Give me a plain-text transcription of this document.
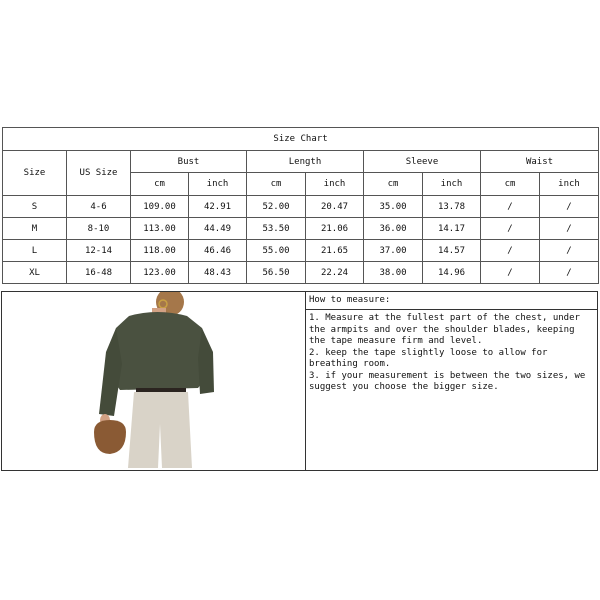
Size Chart									
Size	US Size	Bust		Length		Sleeve		Waist	
		cm	inch	cm	inch	cm	inch	cm	inch
S	4-6	109.00	42.91	52.00	20.47	35.00	13.78	/	/
M	8-10	113.00	44.49	53.50	21.06	36.00	14.17	/	/
L	12-14	118.00	46.46	55.00	21.65	37.00	14.57	/	/
XL	16-48	123.00	48.43	56.50	22.24	38.00	14.96	/	/
How to measure:

1. Measure at the fullest part of the chest, under the armpits and over the shoulder blades, keeping the tape measure firm and level.

2. keep the tape slightly loose to allow for breathing room.

3. if your measurement is between the two sizes, we suggest you choose the bigger size.
